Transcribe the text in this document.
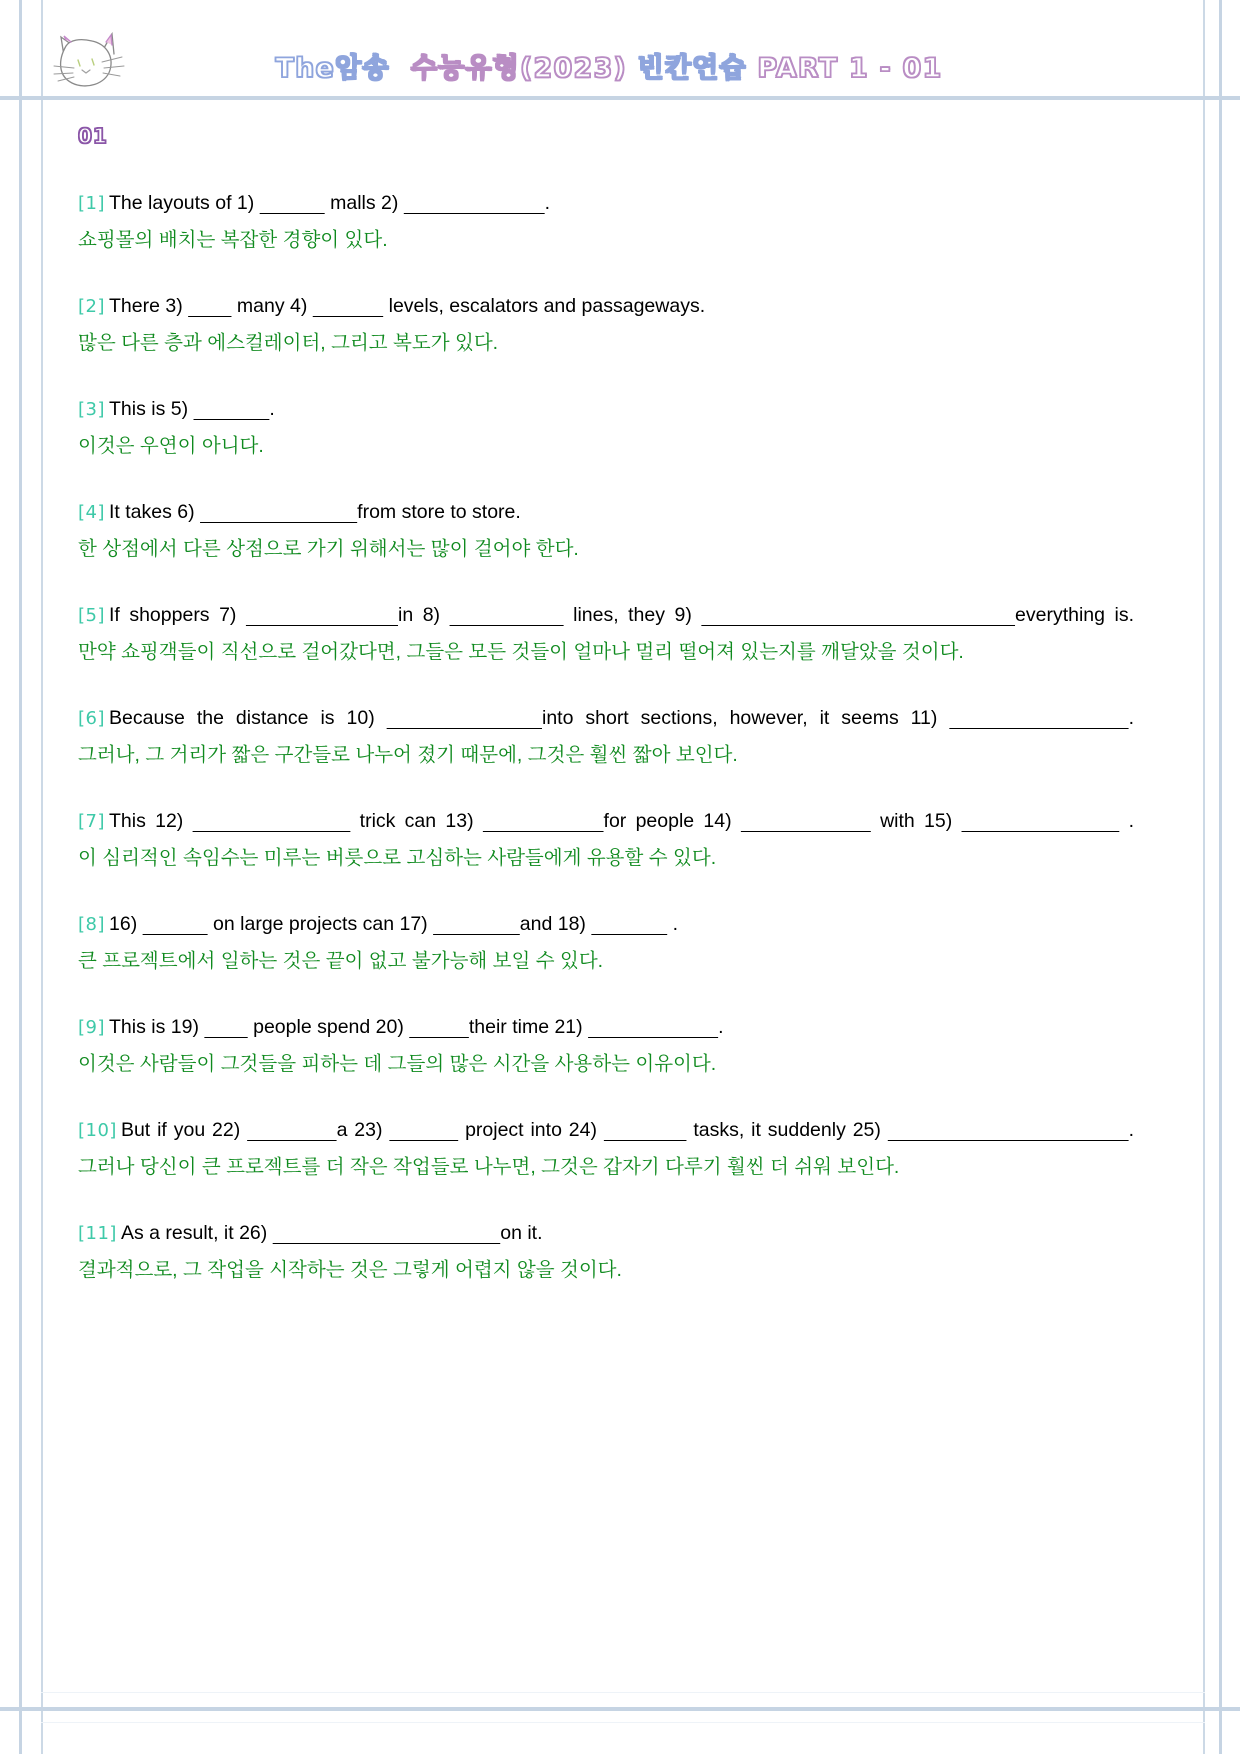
The암송 수능유형(2023) 빈칸연습 PART 1 - 01
01
[1] The layouts of 1)	malls 2)	.
쇼핑몰의 배치는 복잡한 경향이 있다.
[2] There 3)          many 4)	levels, escalators and passageways.
많은 다른 층과 에스컬레이터, 그리고 복도가 있다.
[3] This is 5)	.
이것은 우연이 아니다.
[4] It takes 6)	from store to store.
한 상점에서 다른 상점으로 가기 위해서는 많이 걸어야 한다.
[5] If shoppers 7)	in 8)	lines, they 9)	everything is.
만약 쇼핑객들이 직선으로 걸어갔다면, 그들은 모든 것들이 얼마나 멀리 떨어져 있는지를 깨달았을 것이다.
[6] Because the distance is 10)	into short sections, however, it seems 11)	.
그러나, 그 거리가 짧은 구간들로 나누어 졌기 때문에, 그것은 훨씬 짧아 보인다.
[7] This 12)	trick can 13)	for people 14)	with 15)	.
이 심리적인 속임수는 미루는 버릇으로 고심하는 사람들에게 유용할 수 있다.
[8] 16)	on large projects can 17)	and 18)	.
큰 프로젝트에서 일하는 것은 끝이 없고 불가능해 보일 수 있다.
[9] This is 19)          people spend 20)	their time 21)	.
이것은 사람들이 그것들을 피하는 데 그들의 많은 시간을 사용하는 이유이다.
[10] But if you 22)	a 23)	project into 24)	tasks, it suddenly 25)	.
그러나 당신이 큰 프로젝트를 더 작은 작업들로 나누면, 그것은 갑자기 다루기 훨씬 더 쉬워 보인다.
[11] As a result, it 26)	on it.
결과적으로, 그 작업을 시작하는 것은 그렇게 어렵지 않을 것이다.
